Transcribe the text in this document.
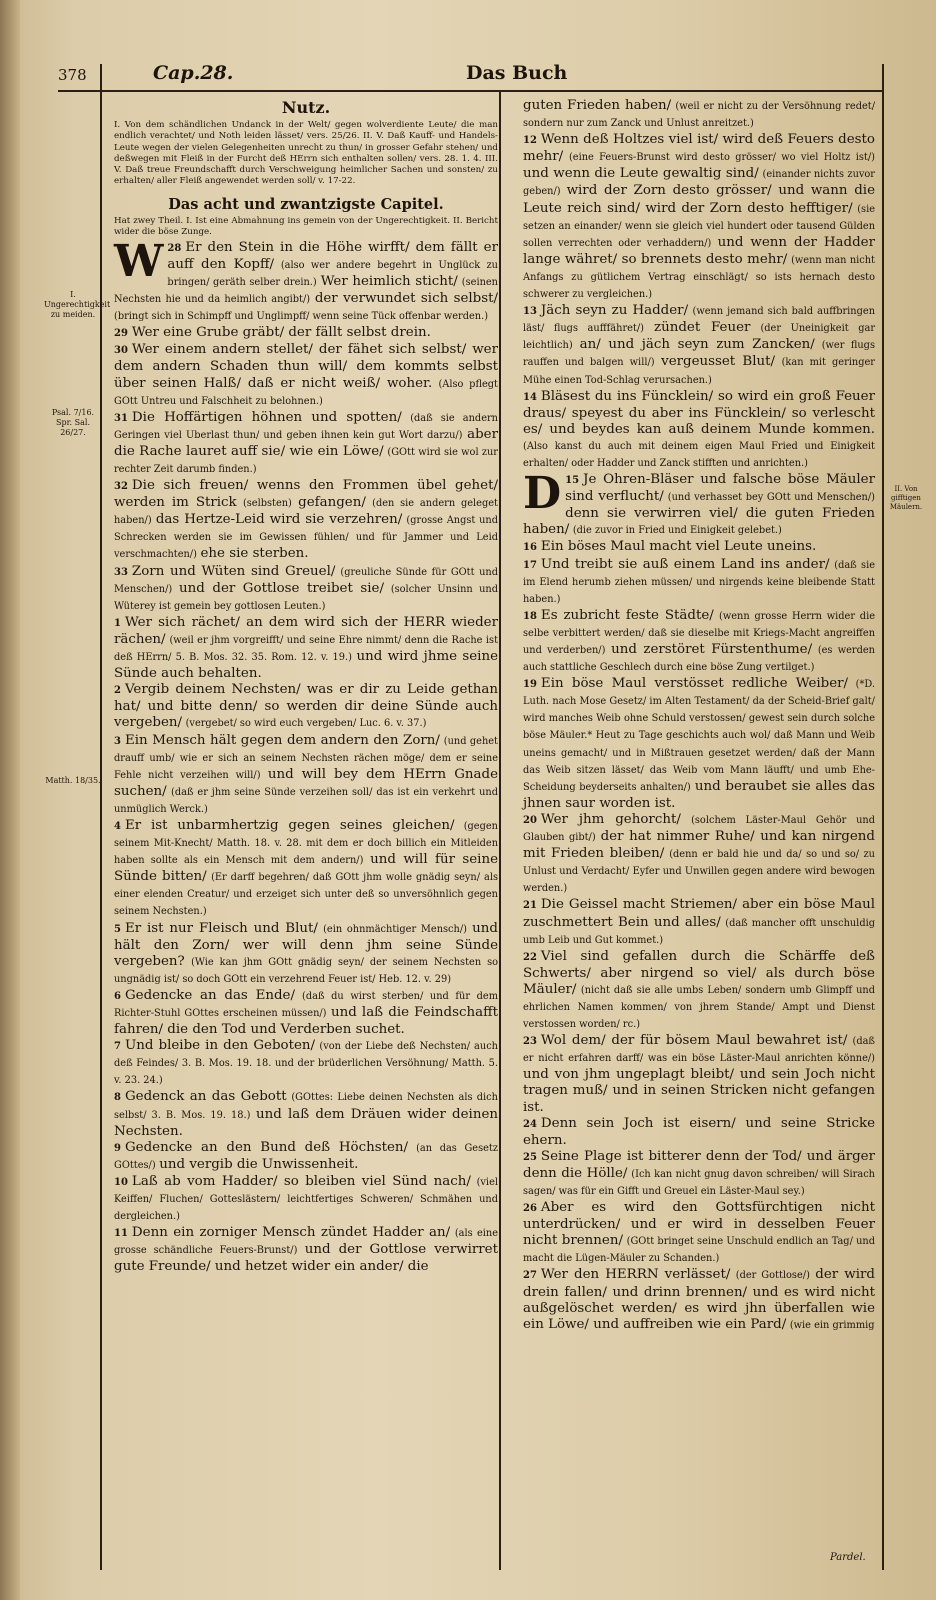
378	Cap.28.	Das Buch
I. Ungerechtigkeit zu meiden.
Psal. 7/16. Spr. Sal. 26/27.
Matth. 18/35.
II. Von gifftigen Mäulern.
Nutz.

I. Von dem schändlichen Undanck in der Welt/ gegen wolverdiente Leute/ die man endlich verachtet/ und Noth leiden lässet/ vers. 25/26. II. V. Daß Kauff- und Handels-Leute wegen der vielen Gelegenheiten unrecht zu thun/ in grosser Gefahr stehen/ und deßwegen mit Fleiß in der Furcht deß HErrn sich enthalten sollen/ vers. 28. 1. 4. III. V. Daß treue Freundschafft durch Verschweigung heimlicher Sachen und sonsten/ zu erhalten/ aller Fleiß angewendet werden soll/ v. 17-22.

Das acht und zwantzigste Capitel.

Hat zwey Theil. I. Ist eine Abmahnung ins gemein von der Ungerechtigkeit. II. Bericht wider die böse Zunge.

28
W Er den Stein in die Höhe wirfft/ dem fällt er auff den Kopff/ (also wer andere begehrt in Unglück zu bringen/ geräth selber drein.) Wer heimlich sticht/ (seinen Nechsten hie und da heimlich angibt/) der verwundet sich selbst/ (bringt sich in Schimpff und Unglimpff/ wenn seine Tück offenbar werden.)

29 Wer eine Grube gräbt/ der fällt selbst drein.

30 Wer einem andern stellet/ der fähet sich selbst/ wer dem andern Schaden thun will/ dem kommts selbst über seinen Halß/ daß er nicht weiß/ woher. (Also pflegt GOtt Untreu und Falschheit zu belohnen.)

31 Die Hoffärtigen höhnen und spotten/ (daß sie andern Geringen viel Uberlast thun/ und geben ihnen kein gut Wort darzu/) aber die Rache lauret auff sie/ wie ein Löwe/ (GOtt wird sie wol zur rechter Zeit darumb finden.)

32 Die sich freuen/ wenns den Frommen übel gehet/ werden im Strick (selbsten) gefangen/ (den sie andern geleget haben/) das Hertze-Leid wird sie verzehren/ (grosse Angst und Schrecken werden sie im Gewissen fühlen/ und für Jammer und Leid verschmachten/) ehe sie sterben.

33 Zorn und Wüten sind Greuel/ (greuliche Sünde für GOtt und Menschen/) und der Gottlose treibet sie/ (solcher Unsinn und Wüterey ist gemein bey gottlosen Leuten.)

1 Wer sich rächet/ an dem wird sich der HERR wieder rächen/ (weil er jhm vorgreifft/ und seine Ehre nimmt/ denn die Rache ist deß HErrn/ 5. B. Mos. 32. 35. Rom. 12. v. 19.) und wird jhme seine Sünde auch behalten.

2 Vergib deinem Nechsten/ was er dir zu Leide gethan hat/ und bitte denn/ so werden dir deine Sünde auch vergeben/ (vergebet/ so wird euch vergeben/ Luc. 6. v. 37.)

3 Ein Mensch hält gegen dem andern den Zorn/ (und gehet drauff umb/ wie er sich an seinem Nechsten rächen möge/ dem er seine Fehle nicht verzeihen will/) und will bey dem HErrn Gnade suchen/ (daß er jhm seine Sünde verzeihen soll/ das ist ein verkehrt und unmüglich Werck.)

4 Er ist unbarmhertzig gegen seines gleichen/ (gegen seinem Mit-Knecht/ Matth. 18. v. 28. mit dem er doch billich ein Mitleiden haben sollte als ein Mensch mit dem andern/) und will für seine Sünde bitten/ (Er darff begehren/ daß GOtt jhm wolle gnädig seyn/ als einer elenden Creatur/ und erzeiget sich unter deß so unversöhnlich gegen seinem Nechsten.)

5 Er ist nur Fleisch und Blut/ (ein ohnmächtiger Mensch/) und hält den Zorn/ wer will denn jhm seine Sünde vergeben? (Wie kan jhm GOtt gnädig seyn/ der seinem Nechsten so ungnädig ist/ so doch GOtt ein verzehrend Feuer ist/ Heb. 12. v. 29)

6 Gedencke an das Ende/ (daß du wirst sterben/ und für dem Richter-Stuhl GOttes erscheinen müssen/) und laß die Feindschafft fahren/ die den Tod und Verderben suchet.

7 Und bleibe in den Geboten/ (von der Liebe deß Nechsten/ auch deß Feindes/ 3. B. Mos. 19. 18. und der brüderlichen Versöhnung/ Matth. 5. v. 23. 24.)

8 Gedenck an das Gebott (GOttes: Liebe deinen Nechsten als dich selbst/ 3. B. Mos. 19. 18.) und laß dem Dräuen wider deinen Nechsten.

9 Gedencke an den Bund deß Höchsten/ (an das Gesetz GOttes/) und vergib die Unwissenheit.

10 Laß ab vom Hadder/ so bleiben viel Sünd nach/ (viel Keiffen/ Fluchen/ Gotteslästern/ leichtfertiges Schweren/ Schmähen und dergleichen.)

11 Denn ein zorniger Mensch zündet Hadder an/ (als eine grosse schändliche Feuers-Brunst/) und der Gottlose verwirret gute Freunde/ und hetzet wider ein ander/ die

guten Frieden haben/ (weil er nicht zu der Versöhnung redet/ sondern nur zum Zanck und Unlust anreitzet.)

12 Wenn deß Holtzes viel ist/ wird deß Feuers desto mehr/ (eine Feuers-Brunst wird desto grösser/ wo viel Holtz ist/) und wenn die Leute gewaltig sind/ (einander nichts zuvor geben/) wird der Zorn desto grösser/ und wann die Leute reich sind/ wird der Zorn desto hefftiger/ (sie setzen an einander/ wenn sie gleich viel hundert oder tausend Gülden sollen verrechten oder verhaddern/) und wenn der Hadder lange währet/ so brennets desto mehr/ (wenn man nicht Anfangs zu gütlichem Vertrag einschlägt/ so ists hernach desto schwerer zu vergleichen.)

13 Jäch seyn zu Hadder/ (wenn jemand sich bald auffbringen läst/ flugs aufffähret/) zündet Feuer (der Uneinigkeit gar leichtlich) an/ und jäch seyn zum Zancken/ (wer flugs rauffen und balgen will/) vergeusset Blut/ (kan mit geringer Mühe einen Tod-Schlag verursachen.)

14 Bläsest du ins Füncklein/ so wird ein groß Feuer draus/ speyest du aber ins Füncklein/ so verlescht es/ und beydes kan auß deinem Munde kommen. (Also kanst du auch mit deinem eigen Maul Fried und Einigkeit erhalten/ oder Hadder und Zanck stifften und anrichten.)

15
D Je Ohren-Bläser und falsche böse Mäuler sind verflucht/ (und verhasset bey GOtt und Menschen/) denn sie verwirren viel/ die guten Frieden haben/ (die zuvor in Fried und Einigkeit gelebet.)

16 Ein böses Maul macht viel Leute uneins.

17 Und treibt sie auß einem Land ins ander/ (daß sie im Elend herumb ziehen müssen/ und nirgends keine bleibende Statt haben.)

18 Es zubricht feste Städte/ (wenn grosse Herrn wider die selbe verbittert werden/ daß sie dieselbe mit Kriegs-Macht angreiffen und verderben/) und zerstöret Fürstenthume/ (es werden auch stattliche Geschlech durch eine böse Zung vertilget.)

19 Ein böse Maul verstösset redliche Weiber/ (*D. Luth. nach Mose Gesetz/ im Alten Testament/ da der Scheid-Brief galt/ wird manches Weib ohne Schuld verstossen/ gewest sein durch solche böse Mäuler.* Heut zu Tage geschichts auch wol/ daß Mann und Weib uneins gemacht/ und in Mißtrauen gesetzet werden/ daß der Mann das Weib sitzen lässet/ das Weib vom Mann läufft/ und umb Ehe-Scheidung beyderseits anhalten/) und beraubet sie alles das jhnen saur worden ist.

20 Wer jhm gehorcht/ (solchem Läster-Maul Gehör und Glauben gibt/) der hat nimmer Ruhe/ und kan nirgend mit Frieden bleiben/ (denn er bald hie und da/ so und so/ zu Unlust und Verdacht/ Eyfer und Unwillen gegen andere wird bewogen werden.)

21 Die Geissel macht Striemen/ aber ein böse Maul zuschmettert Bein und alles/ (daß mancher offt unschuldig umb Leib und Gut kommet.)

22 Viel sind gefallen durch die Schärffe deß Schwerts/ aber nirgend so viel/ als durch böse Mäuler/ (nicht daß sie alle umbs Leben/ sondern umb Glimpff und ehrlichen Namen kommen/ von jhrem Stande/ Ampt und Dienst verstossen worden/ rc.)

23 Wol dem/ der für bösem Maul bewahret ist/ (daß er nicht erfahren darff/ was ein böse Läster-Maul anrichten könne/) und von jhm ungeplagt bleibt/ und sein Joch nicht tragen muß/ und in seinen Stricken nicht gefangen ist.

24 Denn sein Joch ist eisern/ und seine Stricke ehern.

25 Seine Plage ist bitterer denn der Tod/ und ärger denn die Hölle/ (Ich kan nicht gnug davon schreiben/ will Sirach sagen/ was für ein Gifft und Greuel ein Läster-Maul sey.)

26 Aber es wird den Gottsfürchtigen nicht unterdrücken/ und er wird in desselben Feuer nicht brennen/ (GOtt bringet seine Unschuld endlich an Tag/ und macht die Lügen-Mäuler zu Schanden.)

27 Wer den HERRN verlässet/ (der Gottlose/) der wird drein fallen/ und drinn brennen/ und es wird nicht außgelöschet werden/ es wird jhn überfallen wie ein Löwe/ und auffreiben wie ein Pard/ (wie ein grimmig

Pardel.
